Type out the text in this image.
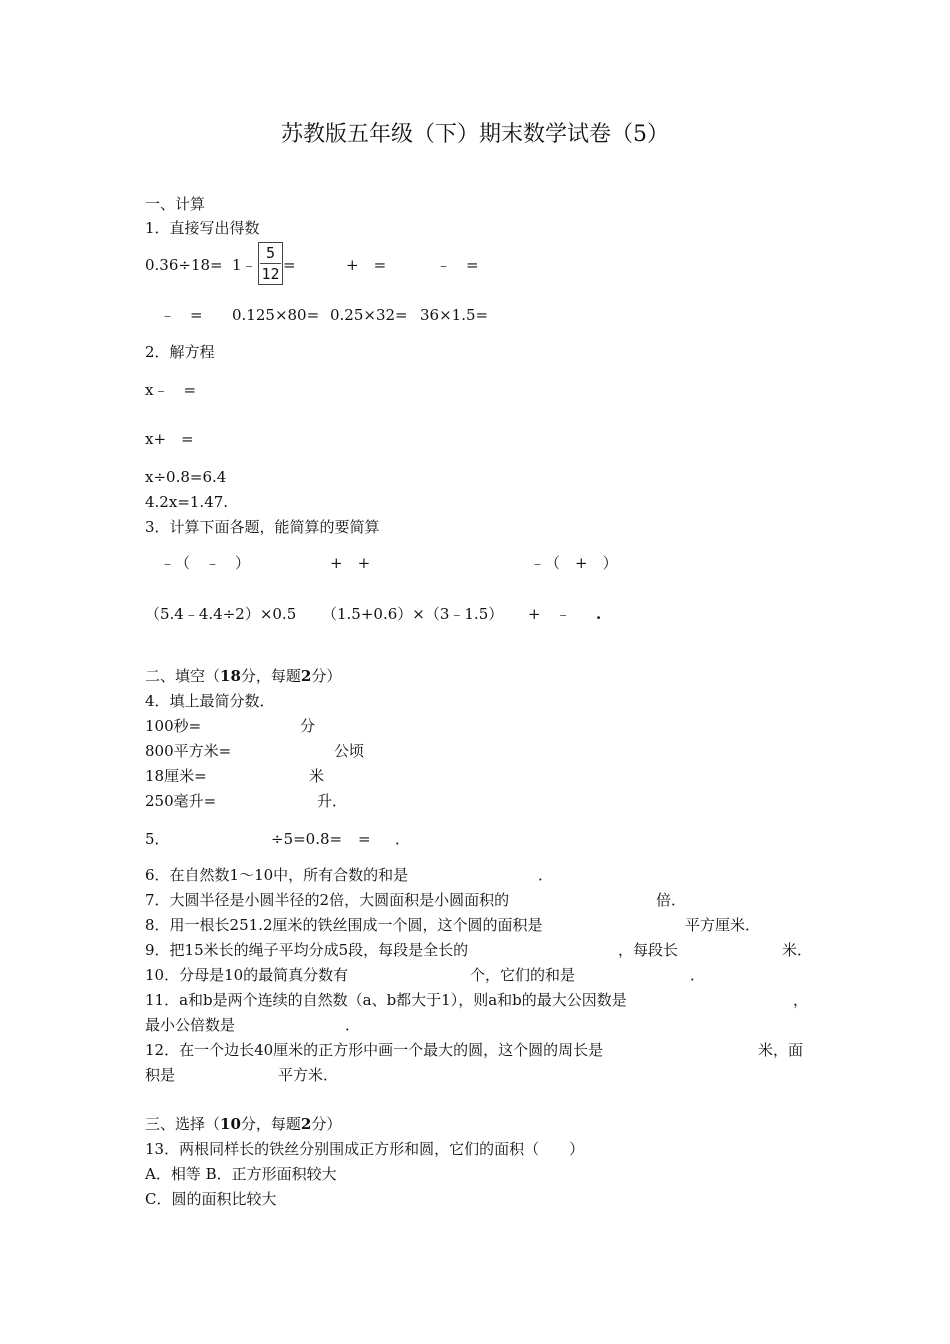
苏教版五年级（下）期末数学试卷（5）
一、计算
1．直接写出得数
0.36÷18= 1﹣
5
12 =	+　=	﹣　=
﹣　= 0.125×80= 0.25×32= 36×1.5=
2．解方程
x﹣　=
x+　=
x÷0.8=6.4
4.2x=1.47.
3．计算下面各题，能简算的要简算
﹣（　﹣　）	+　+	﹣（　+　）
（5.4﹣4.4÷2）×0.5 （1.5+0.6）×（3﹣1.5） +　﹣ .
二、填空（18分，每题2分）
4．填上最简分数．
100秒=	分
800平方米=	公顷
18厘米=	米
250毫升=	升．
5．	÷5=0.8= = ．
6．在自然数1～10中，所有合数的和是	．
7．大圆半径是小圆半径的2倍，大圆面积是小圆面积的	倍．
8．用一根长251.2厘米的铁丝围成一个圆，这个圆的面积是	平方厘米．
9．把15米长的绳子平均分成5段，每段是全长的	，每段长	米．
10．分母是10的最简真分数有	个，它们的和是	．
11．a和b是两个连续的自然数（a、b都大于1），则a和b的最大公因数是	，
最小公倍数是	．
12．在一个边长40厘米的正方形中画一个最大的圆，这个圆的周长是	米，面
积是	平方米．
三、选择（10分，每题2分）
13．两根同样长的铁丝分别围成正方形和圆，它们的面积（　　）
A．相等 B．正方形面积较大
C．圆的面积比较大
